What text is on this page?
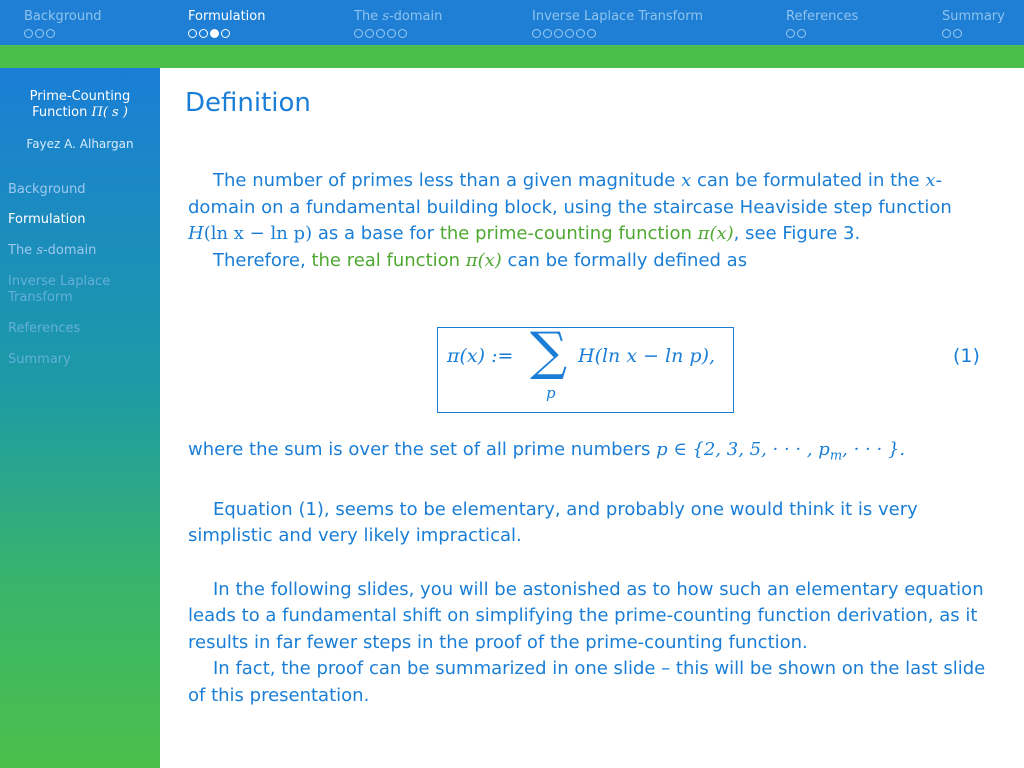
Background	Formulation	The s-domain	Inverse Laplace Transform	References	Summary
Prime-Counting
Function Π( s )
Fayez A. Alhargan
Background
Formulation
The s-domain
Inverse Laplace
Transform
References
Summary
Definition

The number of primes less than a given magnitude x can be formulated in the x-domain on a fundamental building block, using the staircase Heaviside step function H(ln x − ln p) as a base for the prime-counting function π(x), see Figure 3.

Therefore, the real function π(x) can be formally defined as

π(x) := ∑
p
H(ln x − ln p),	(1)

where the sum is over the set of all prime numbers p ∈ {2, 3, 5, · · · , $p_m$, · · · }.

Equation (1), seems to be elementary, and probably one would think it is very simplistic and very likely impractical.

In the following slides, you will be astonished as to how such an elementary equation leads to a fundamental shift on simplifying the prime-counting function derivation, as it results in far fewer steps in the proof of the prime-counting function.

In fact, the proof can be summarized in one slide – this will be shown on the last slide of this presentation.
